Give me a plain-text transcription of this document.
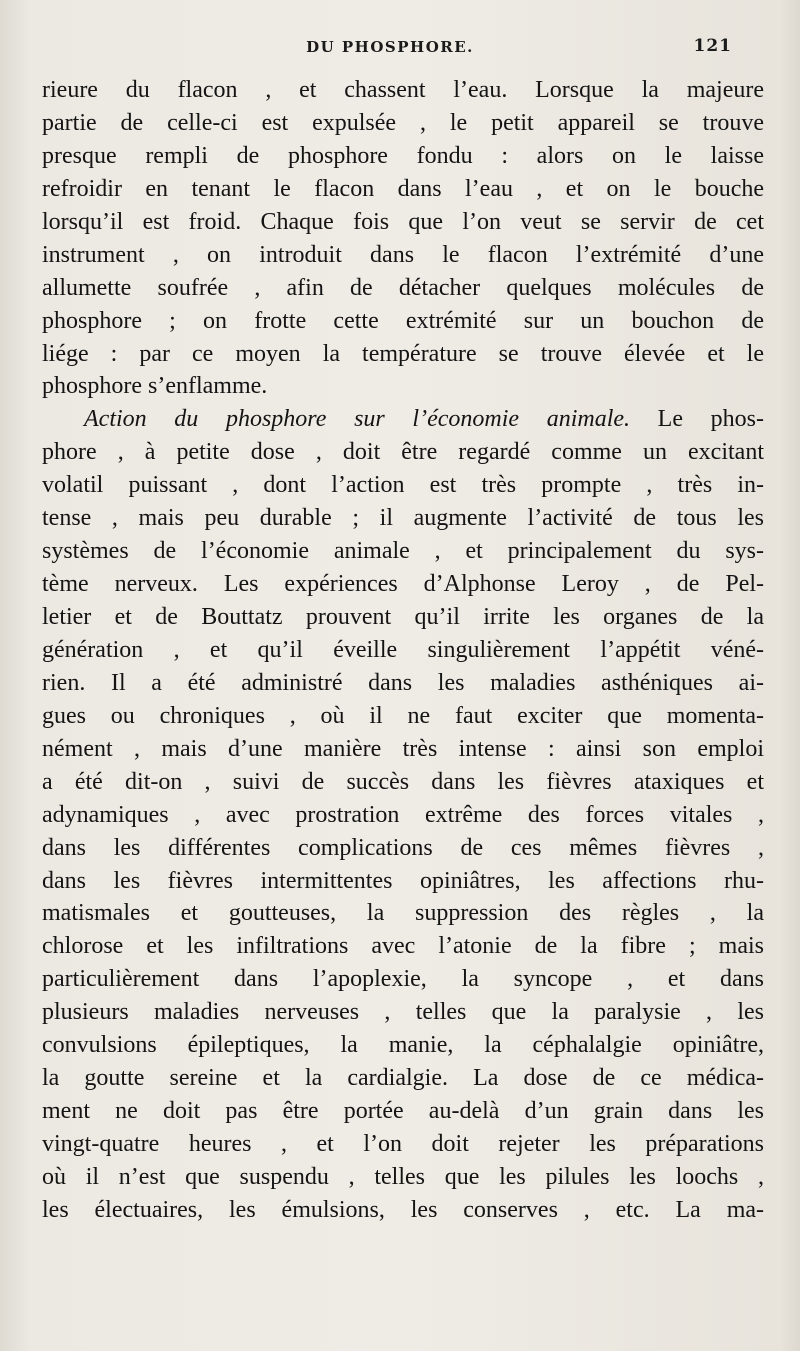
DU PHOSPHORE.	121
rieure du flacon , et chassent l’eau. Lorsque la majeure
partie de celle-ci est expulsée , le petit appareil se trouve
presque rempli de phosphore fondu : alors on le laisse
refroidir en tenant le flacon dans l’eau , et on le bouche
lorsqu’il est froid. Chaque fois que l’on veut se servir de cet
instrument , on introduit dans le flacon l’extrémité d’une
allumette soufrée , afin de détacher quelques molécules de
phosphore ; on frotte cette extrémité sur un bouchon de
liége : par ce moyen la température se trouve élevée et le
phosphore s’enflamme.
Action du phosphore sur l’économie animale. Le phos-
phore , à petite dose , doit être regardé comme un excitant
volatil puissant , dont l’action est très prompte , très in-
tense , mais peu durable ; il augmente l’activité de tous les
systèmes de l’économie animale , et principalement du sys-
tème nerveux. Les expériences d’Alphonse Leroy , de Pel-
letier et de Bouttatz prouvent qu’il irrite les organes de la
génération , et qu’il éveille singulièrement l’appétit véné-
rien. Il a été administré dans les maladies asthéniques ai-
gues ou chroniques , où il ne faut exciter que momenta-
nément , mais d’une manière très intense : ainsi son emploi
a été dit-on , suivi de succès dans les fièvres ataxiques et
adynamiques , avec prostration extrême des forces vitales ,
dans les différentes complications de ces mêmes fièvres ,
dans les fièvres intermittentes opiniâtres, les affections rhu-
matismales et goutteuses, la suppression des règles , la
chlorose et les infiltrations avec l’atonie de la fibre ; mais
particulièrement dans l’apoplexie, la syncope , et dans
plusieurs maladies nerveuses , telles que la paralysie , les
convulsions épileptiques, la manie, la céphalalgie opiniâtre,
la goutte sereine et la cardialgie. La dose de ce médica-
ment ne doit pas être portée au-delà d’un grain dans les
vingt-quatre heures , et l’on doit rejeter les préparations
où il n’est que suspendu , telles que les pilules les loochs ,
les électuaires, les émulsions, les conserves , etc. La ma-
